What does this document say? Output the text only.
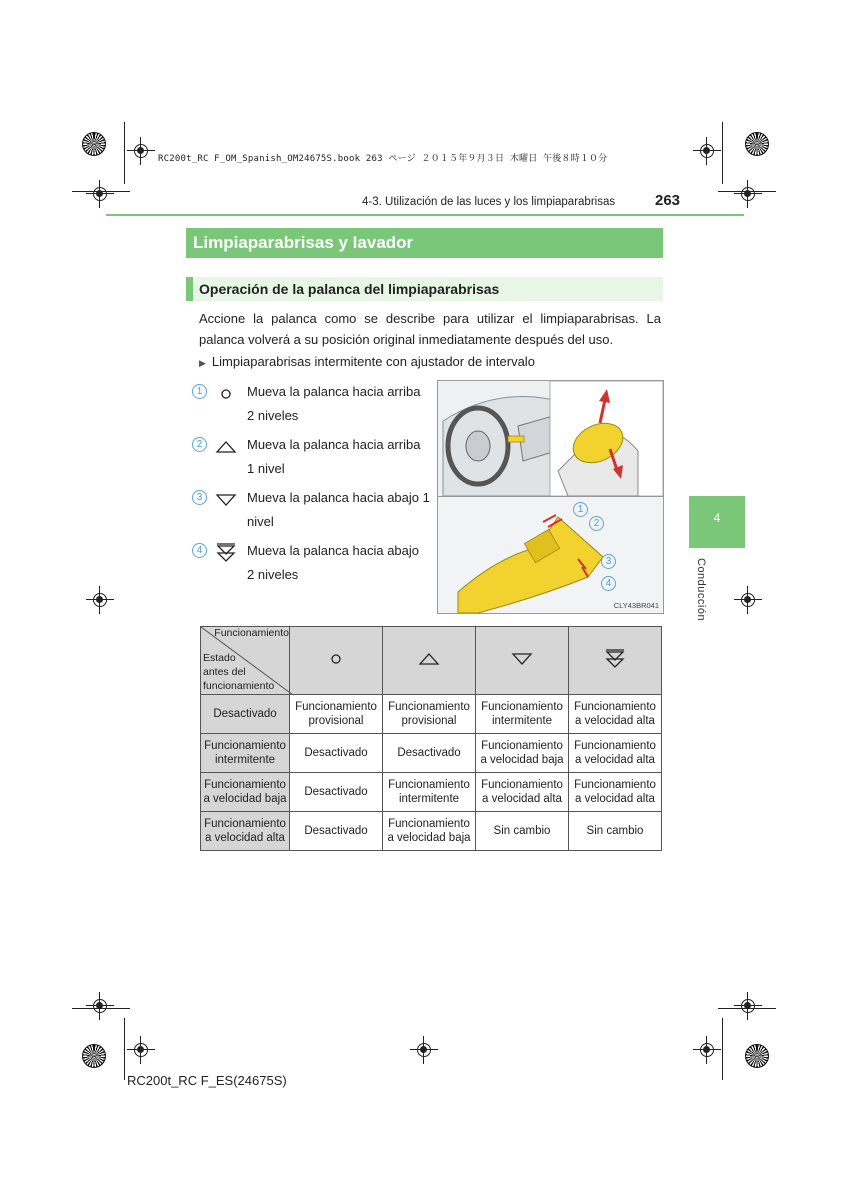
RC200t_RC F_OM_Spanish_OM24675S.book 263 ページ ２０１５年９月３日 木曜日 午後８時１０分
4-3. Utilización de las luces y los limpiaparabrisas	263
4
Conducción
Limpiaparabrisas y lavador
Operación de la palanca del limpiaparabrisas
Accione la palanca como se describe para utilizar el limpiaparabrisas. La palanca volverá a su posición original inmediatamente después del uso.
▶ Limpiaparabrisas intermitente con ajustador de intervalo
1	Mueva la palanca hacia arriba
2 niveles
2	Mueva la palanca hacia arriba
1 nivel
3	Mueva la palanca hacia abajo 1
nivel
4	Mueva la palanca hacia abajo
2 niveles
1
2
3
4
CLY43BR041
Funcionamiento
Estado
antes del
funcionamiento

Desactivado	Funcionamiento provisional	Funcionamiento provisional	Funcionamiento intermitente	Funcionamiento a velocidad alta
Funcionamiento intermitente	Desactivado	Desactivado	Funcionamiento a velocidad baja	Funcionamiento a velocidad alta
Funcionamiento a velocidad baja	Desactivado	Funcionamiento intermitente	Funcionamiento a velocidad alta	Funcionamiento a velocidad alta
Funcionamiento a velocidad alta	Desactivado	Funcionamiento a velocidad baja	Sin cambio	Sin cambio
RC200t_RC F_ES(24675S)
